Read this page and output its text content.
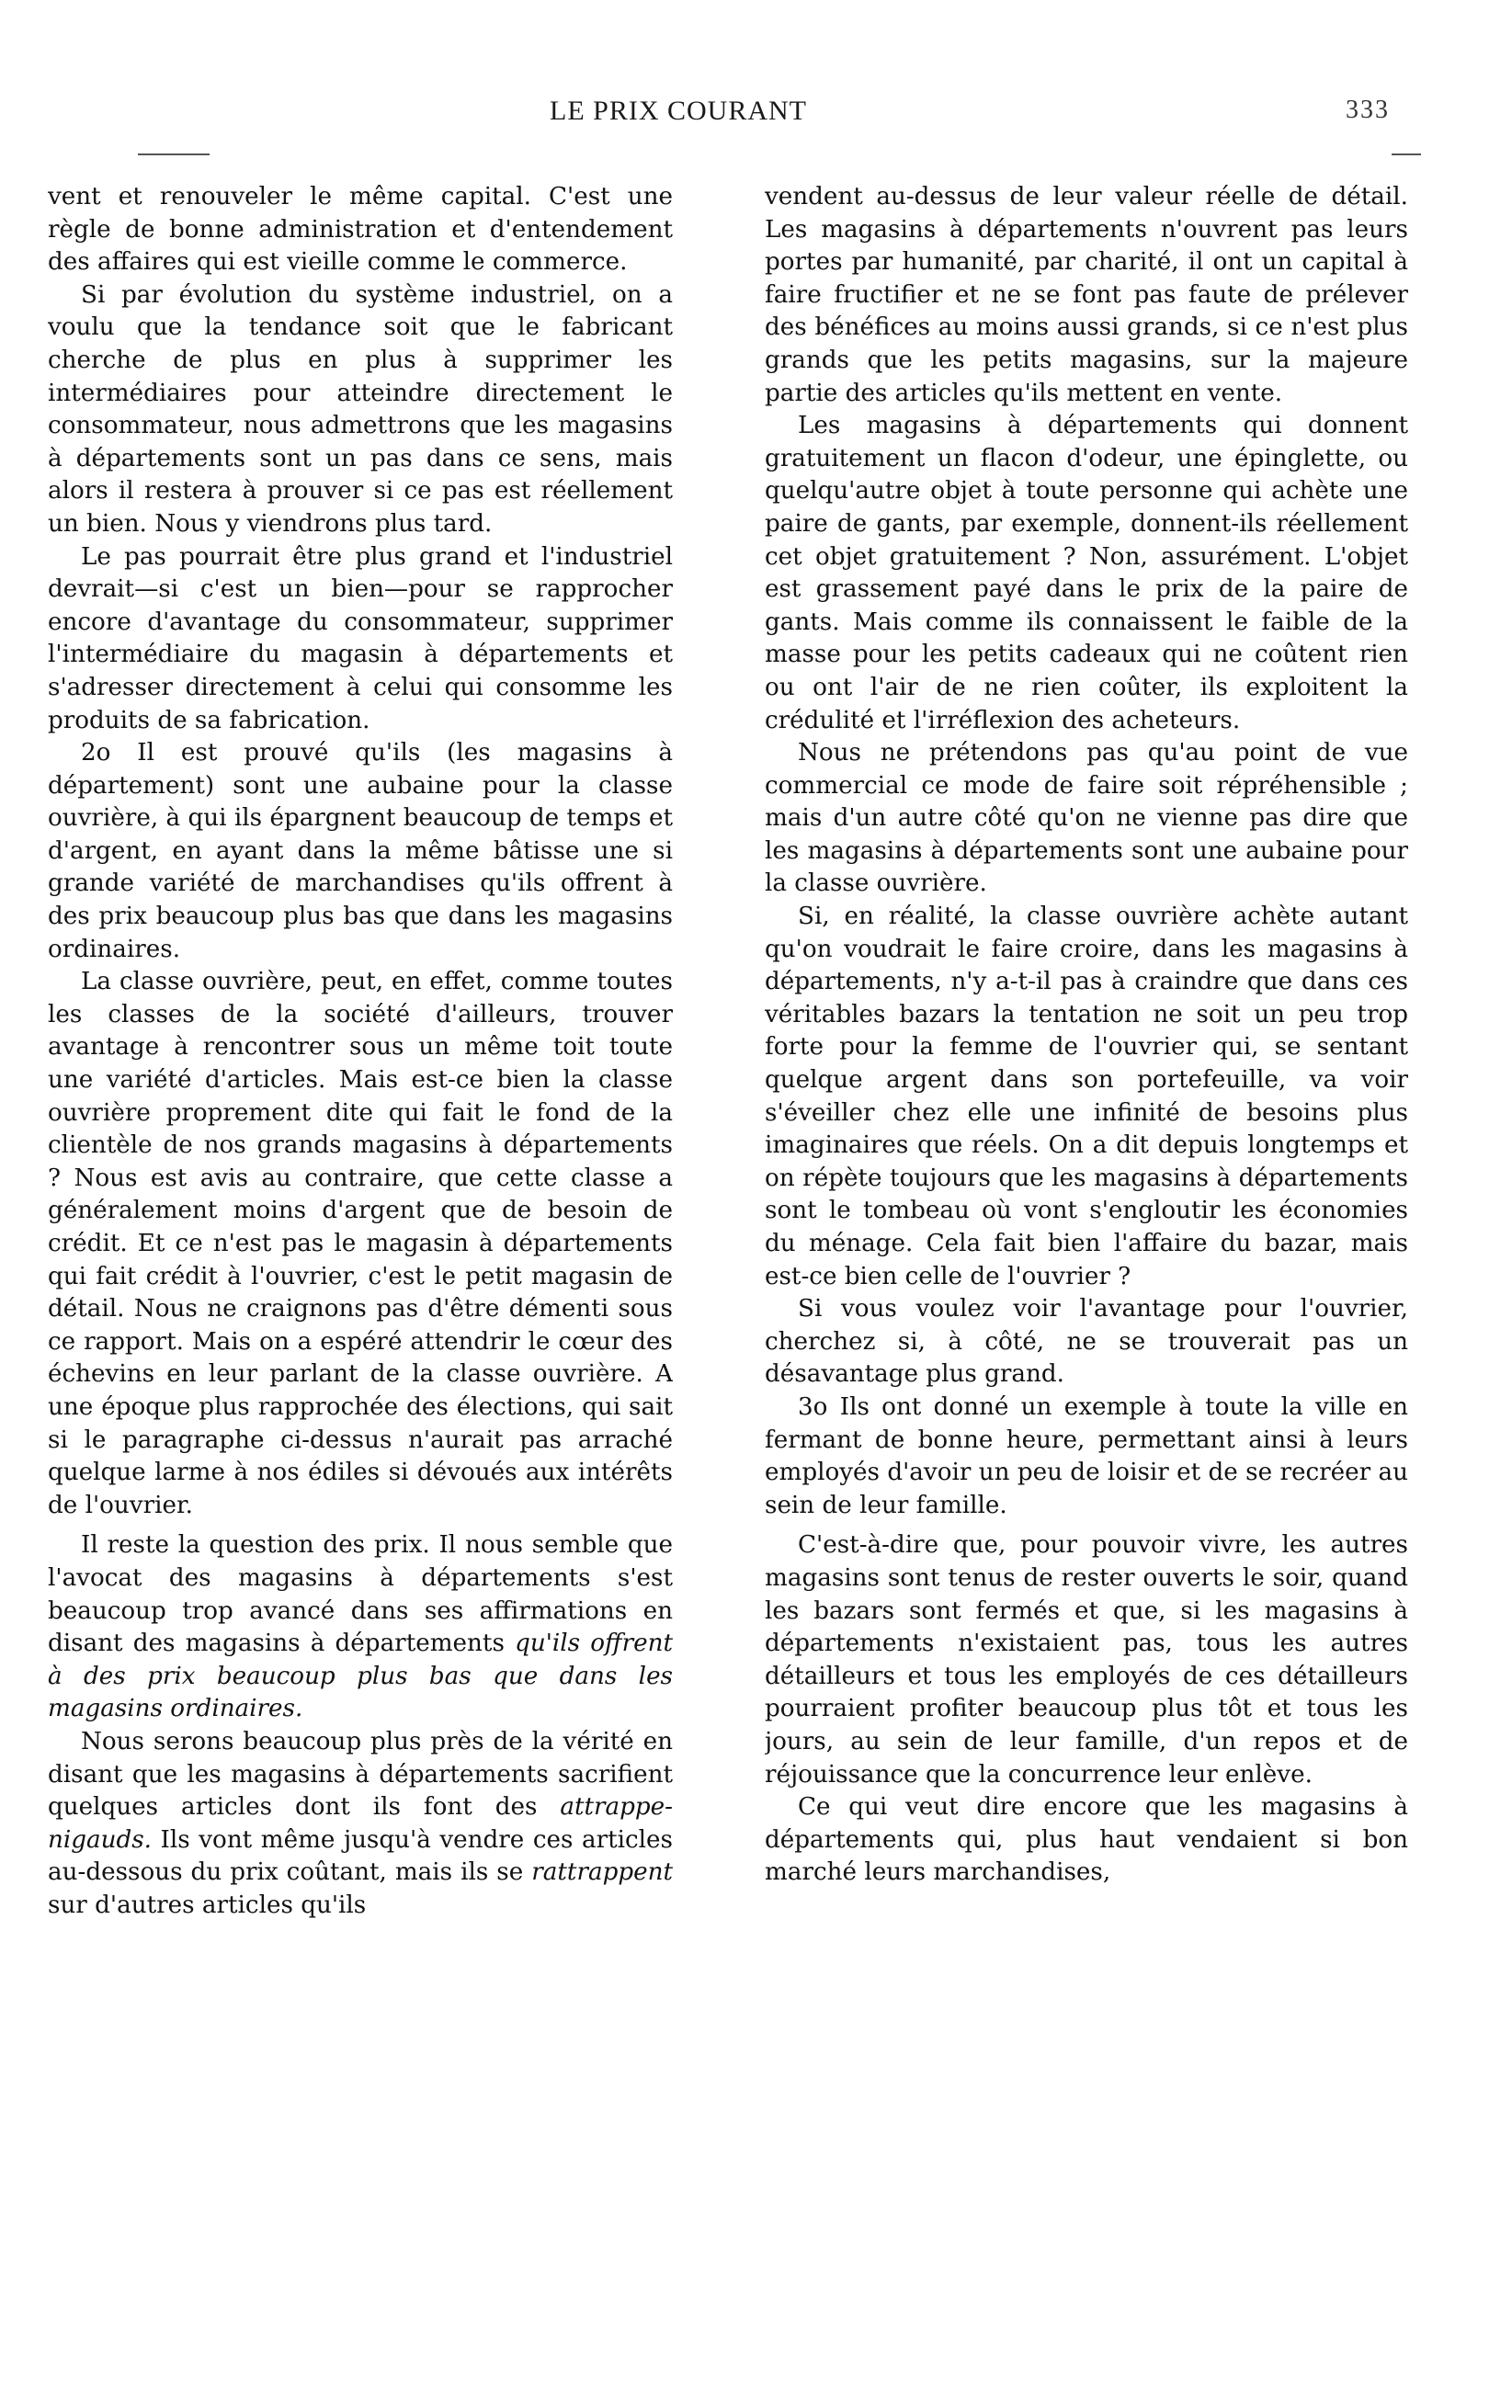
LE PRIX COURANT	333

vent et renouveler le même capital. C'est une règle de bonne administration et d'entendement des affaires qui est vieille comme le commerce.

Si par évolution du système industriel, on a voulu que la tendance soit que le fabricant cherche de plus en plus à supprimer les intermédiaires pour atteindre directement le consommateur, nous admettrons que les magasins à départements sont un pas dans ce sens, mais alors il restera à prouver si ce pas est réellement un bien. Nous y viendrons plus tard.

Le pas pourrait être plus grand et l'industriel devrait—si c'est un bien—pour se rapprocher encore d'avantage du consommateur, supprimer l'intermédiaire du magasin à départements et s'adresser directement à celui qui consomme les produits de sa fabrication.

2o Il est prouvé qu'ils (les magasins à département) sont une aubaine pour la classe ouvrière, à qui ils épargnent beaucoup de temps et d'argent, en ayant dans la même bâtisse une si grande variété de marchandises qu'ils offrent à des prix beaucoup plus bas que dans les magasins ordinaires.

La classe ouvrière, peut, en effet, comme toutes les classes de la société d'ailleurs, trouver avantage à rencontrer sous un même toit toute une variété d'articles. Mais est-ce bien la classe ouvrière proprement dite qui fait le fond de la clientèle de nos grands magasins à départements ? Nous est avis au contraire, que cette classe a généralement moins d'argent que de besoin de crédit. Et ce n'est pas le magasin à départements qui fait crédit à l'ouvrier, c'est le petit magasin de détail. Nous ne craignons pas d'être démenti sous ce rapport. Mais on a espéré attendrir le cœur des échevins en leur parlant de la classe ouvrière. A une époque plus rapprochée des élections, qui sait si le paragraphe ci-dessus n'aurait pas arraché quelque larme à nos édiles si dévoués aux intérêts de l'ouvrier.

Il reste la question des prix. Il nous semble que l'avocat des magasins à départements s'est beaucoup trop avancé dans ses affirmations en disant des magasins à départements qu'ils offrent à des prix beaucoup plus bas que dans les magasins ordinaires.

Nous serons beaucoup plus près de la vérité en disant que les magasins à départements sacrifient quelques articles dont ils font des attrappe-nigauds. Ils vont même jusqu'à vendre ces articles au-dessous du prix coûtant, mais ils se rattrappent sur d'autres articles qu'ils

vendent au-dessus de leur valeur réelle de détail. Les magasins à départements n'ouvrent pas leurs portes par humanité, par charité, il ont un capital à faire fructifier et ne se font pas faute de prélever des bénéfices au moins aussi grands, si ce n'est plus grands que les petits magasins, sur la majeure partie des articles qu'ils mettent en vente.

Les magasins à départements qui donnent gratuitement un flacon d'odeur, une épinglette, ou quelqu'autre objet à toute personne qui achète une paire de gants, par exemple, donnent-ils réellement cet objet gratuitement ? Non, assurément. L'objet est grassement payé dans le prix de la paire de gants. Mais comme ils connaissent le faible de la masse pour les petits cadeaux qui ne coûtent rien ou ont l'air de ne rien coûter, ils exploitent la crédulité et l'irréflexion des acheteurs.

Nous ne prétendons pas qu'au point de vue commercial ce mode de faire soit répréhensible ; mais d'un autre côté qu'on ne vienne pas dire que les magasins à départements sont une aubaine pour la classe ouvrière.

Si, en réalité, la classe ouvrière achète autant qu'on voudrait le faire croire, dans les magasins à départements, n'y a-t-il pas à craindre que dans ces véritables bazars la tentation ne soit un peu trop forte pour la femme de l'ouvrier qui, se sentant quelque argent dans son portefeuille, va voir s'éveiller chez elle une infinité de besoins plus imaginaires que réels. On a dit depuis longtemps et on répète toujours que les magasins à départements sont le tombeau où vont s'engloutir les économies du ménage. Cela fait bien l'affaire du bazar, mais est-ce bien celle de l'ouvrier ?

Si vous voulez voir l'avantage pour l'ouvrier, cherchez si, à côté, ne se trouverait pas un désavantage plus grand.

3o Ils ont donné un exemple à toute la ville en fermant de bonne heure, permettant ainsi à leurs employés d'avoir un peu de loisir et de se recréer au sein de leur famille.

C'est-à-dire que, pour pouvoir vivre, les autres magasins sont tenus de rester ouverts le soir, quand les bazars sont fermés et que, si les magasins à départements n'existaient pas, tous les autres détailleurs et tous les employés de ces détailleurs pourraient profiter beaucoup plus tôt et tous les jours, au sein de leur famille, d'un repos et de réjouissance que la concurrence leur enlève.

Ce qui veut dire encore que les magasins à départements qui, plus haut vendaient si bon marché leurs marchandises,
